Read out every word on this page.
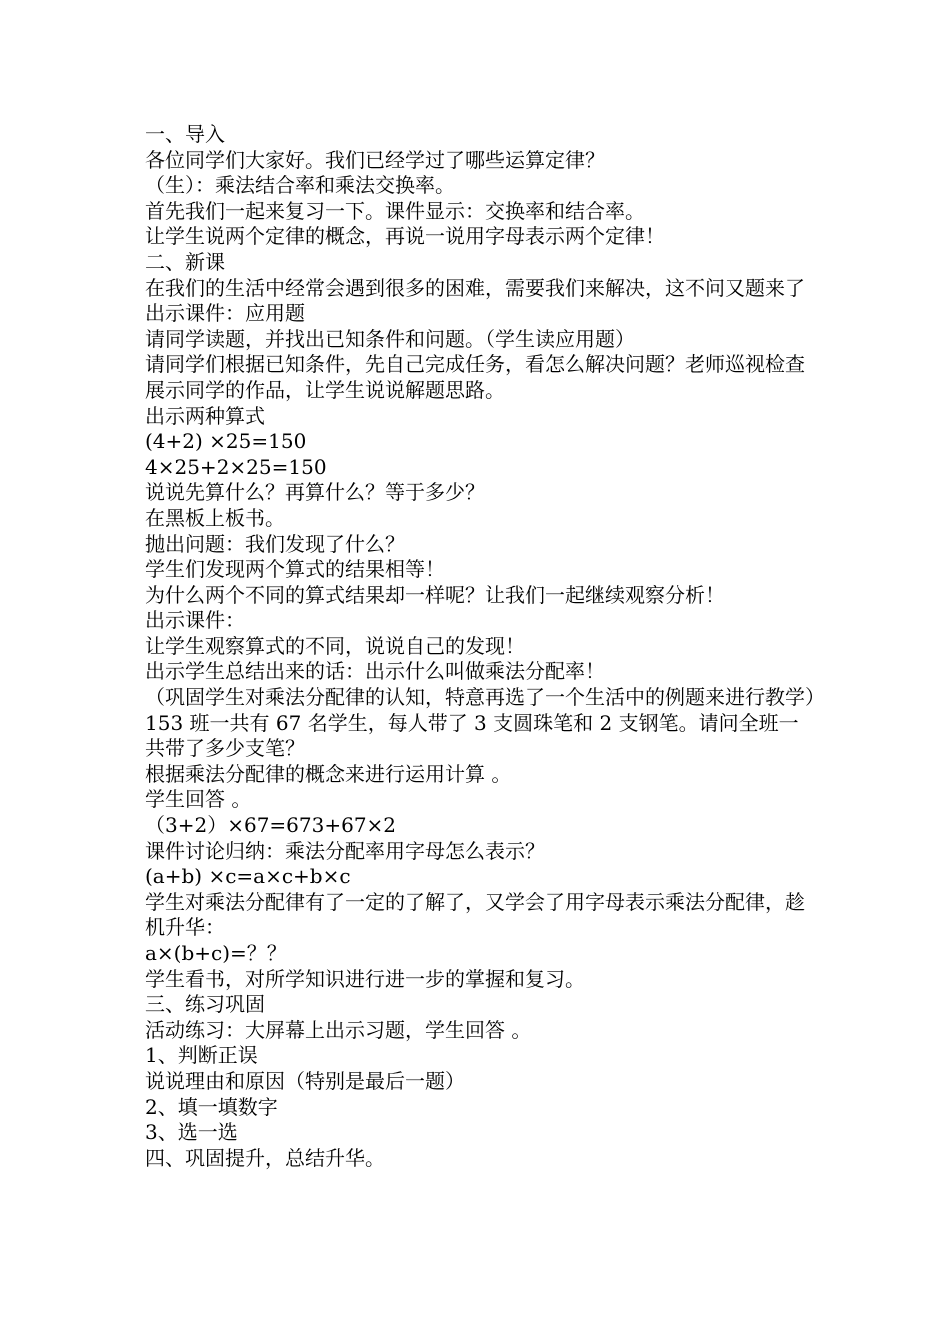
一、导入
各位同学们大家好。我们已经学过了哪些运算定律？
（生）：乘法结合率和乘法交换率。
首先我们一起来复习一下。课件显示：交换率和结合率。
让学生说两个定律的概念，再说一说用字母表示两个定律！
二、新课
在我们的生活中经常会遇到很多的困难，需要我们来解决，这不问又题来了
出示课件：应用题
请同学读题，并找出已知条件和问题。（学生读应用题）
请同学们根据已知条件，先自己完成任务，看怎么解决问题？老师巡视检查
展示同学的作品，让学生说说解题思路。
出示两种算式
(4+2) ×25=150
4×25+2×25=150
说说先算什么？再算什么？等于多少？
在黑板上板书。
抛出问题：我们发现了什么？
学生们发现两个算式的结果相等！
为什么两个不同的算式结果却一样呢？让我们一起继续观察分析！
出示课件：
让学生观察算式的不同，说说自己的发现！
出示学生总结出来的话：出示什么叫做乘法分配率！
（巩固学生对乘法分配律的认知，特意再选了一个生活中的例题来进行教学）
153 班一共有 67 名学生，每人带了 3 支圆珠笔和 2 支钢笔。请问全班一共带了多少支笔？
根据乘法分配律的概念来进行运用计算 。
学生回答 。
（3+2）×67=673+67×2
课件讨论归纳：乘法分配率用字母怎么表示？
(a+b) ×c=a×c+b×c
学生对乘法分配律有了一定的了解了，又学会了用字母表示乘法分配律，趁机升华：
a×(b+c)=？？
学生看书，对所学知识进行进一步的掌握和复习。
三、练习巩固
活动练习：大屏幕上出示习题，学生回答 。
1、判断正误
说说理由和原因（特别是最后一题）
2、填一填数字
3、选一选
四、巩固提升，总结升华。
